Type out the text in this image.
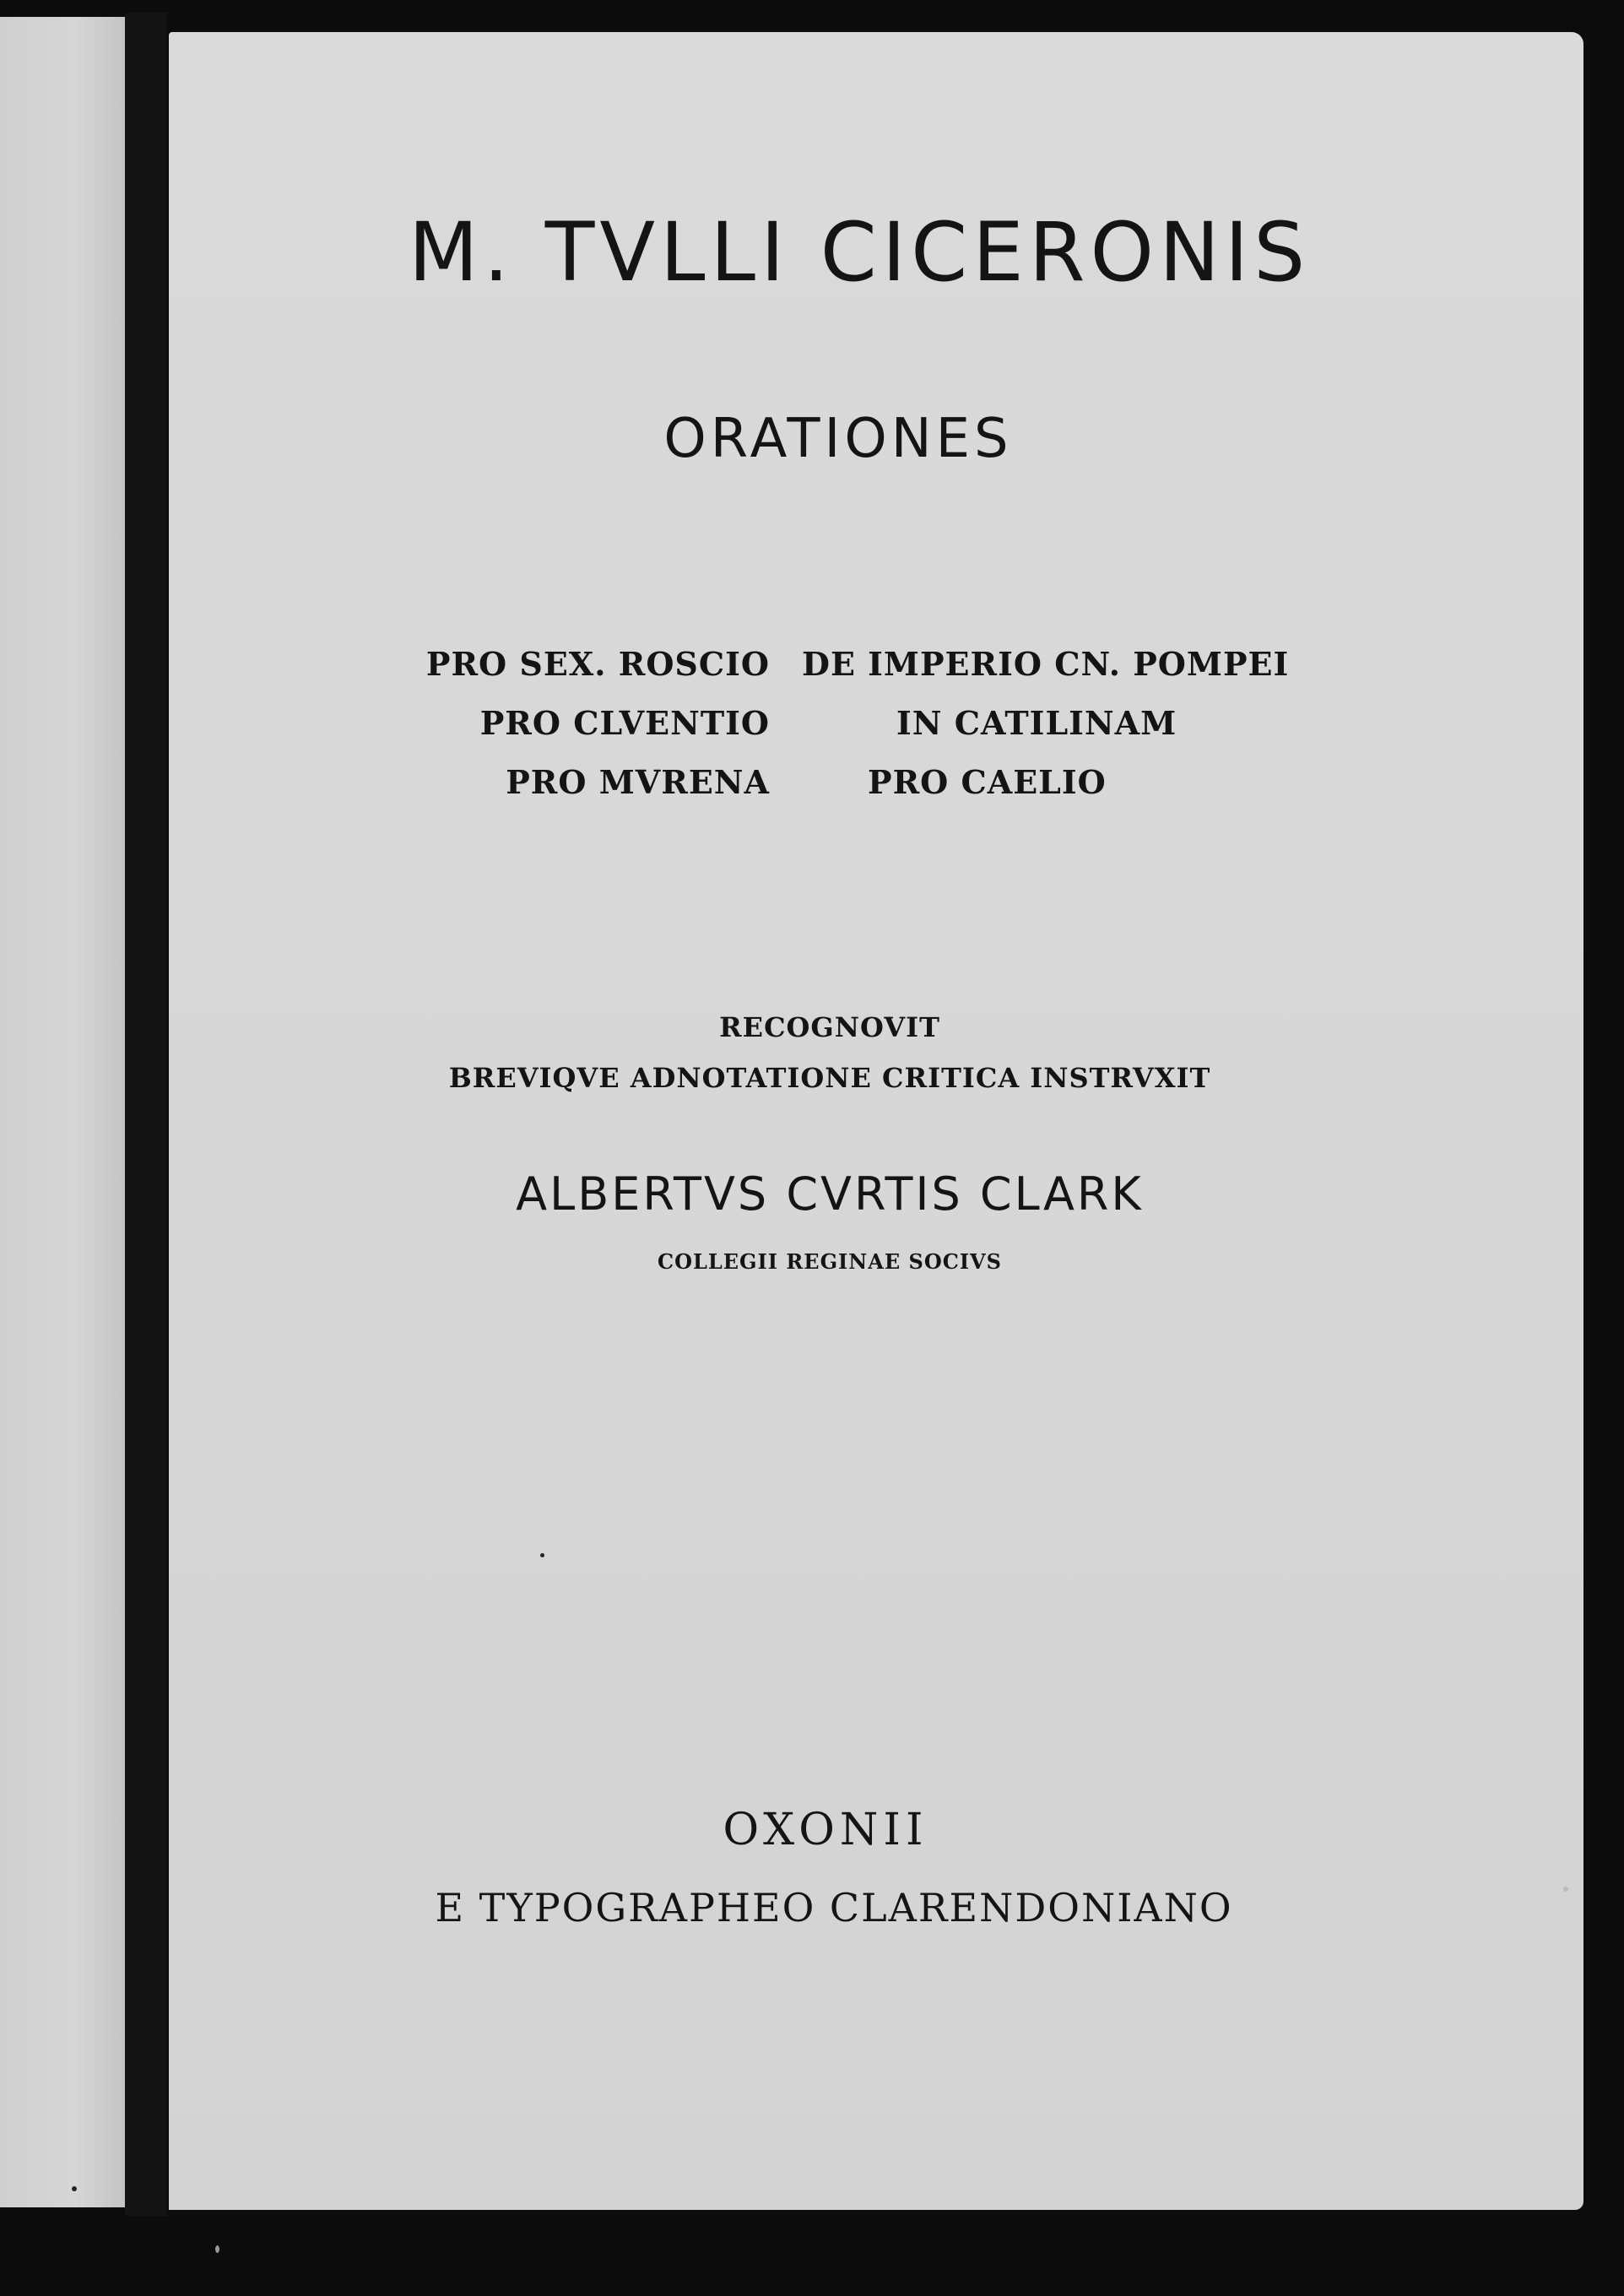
M. TVLLI CICERONIS
ORATIONES
PRO SEX. ROSCIO	DE IMPERIO CN. POMPEI
PRO CLVENTIO	IN CATILINAM
PRO MVRENA	PRO CAELIO
RECOGNOVIT
BREVIQVE ADNOTATIONE CRITICA INSTRVXIT
ALBERTVS CVRTIS CLARK
COLLEGII REGINAE SOCIVS
OXONII
E TYPOGRAPHEO CLARENDONIANO
